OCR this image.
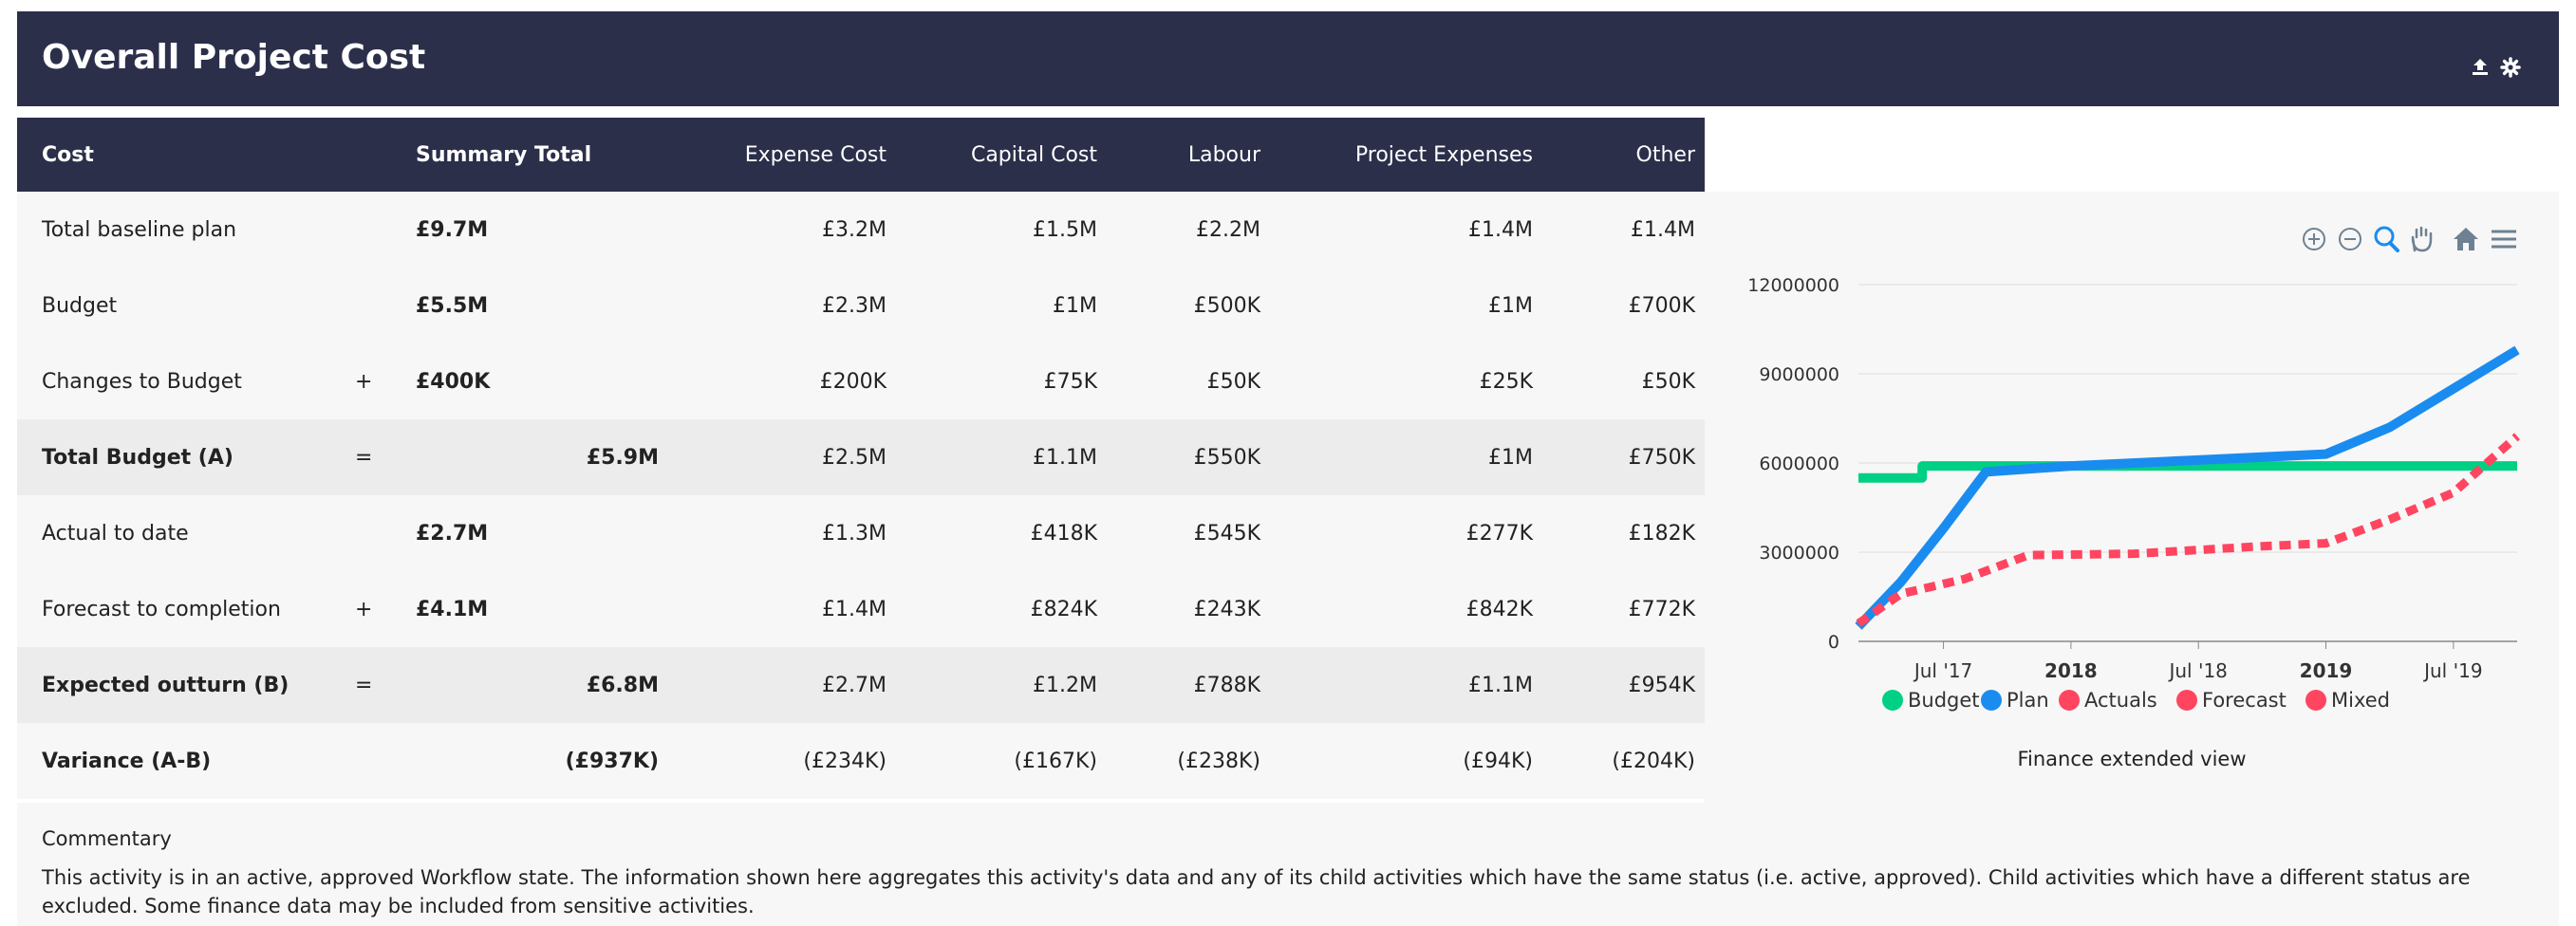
Overall Project Cost
Cost		Summary Total	Expense Cost	Capital Cost	Labour	Project Expenses	Other	
Total baseline plan		£9.7M	£3.2M	£1.5M	£2.2M	£1.4M	£1.4M	
Budget		£5.5M	£2.3M	£1M	£500K	£1M	£700K	
Changes to Budget	+	£400K	£200K	£75K	£50K	£25K	£50K	
Total Budget (A)	=	£5.9M	£2.5M	£1.1M	£550K	£1M	£750K	
Actual to date		£2.7M	£1.3M	£418K	£545K	£277K	£182K	
Forecast to completion	+	£4.1M	£1.4M	£824K	£243K	£842K	£772K	
Expected outturn (B)	=	£6.8M	£2.7M	£1.2M	£788K	£1.1M	£954K	
Variance (A-B)		(£937K)	(£234K)	(£167K)	(£238K)	(£94K)	(£204K)	
0
3000000
6000000
9000000
12000000
Jul '17	2018	Jul '18	2019	Jul '19
Budget Plan Actuals Forecast Mixed
Finance extended view
Commentary
This activity is in an active, approved Workflow state. The information shown here aggregates this activity's data and any of its child activities which have the same status (i.e. active, approved). Child activities which have a different status are excluded. Some finance data may be included from sensitive activities.
